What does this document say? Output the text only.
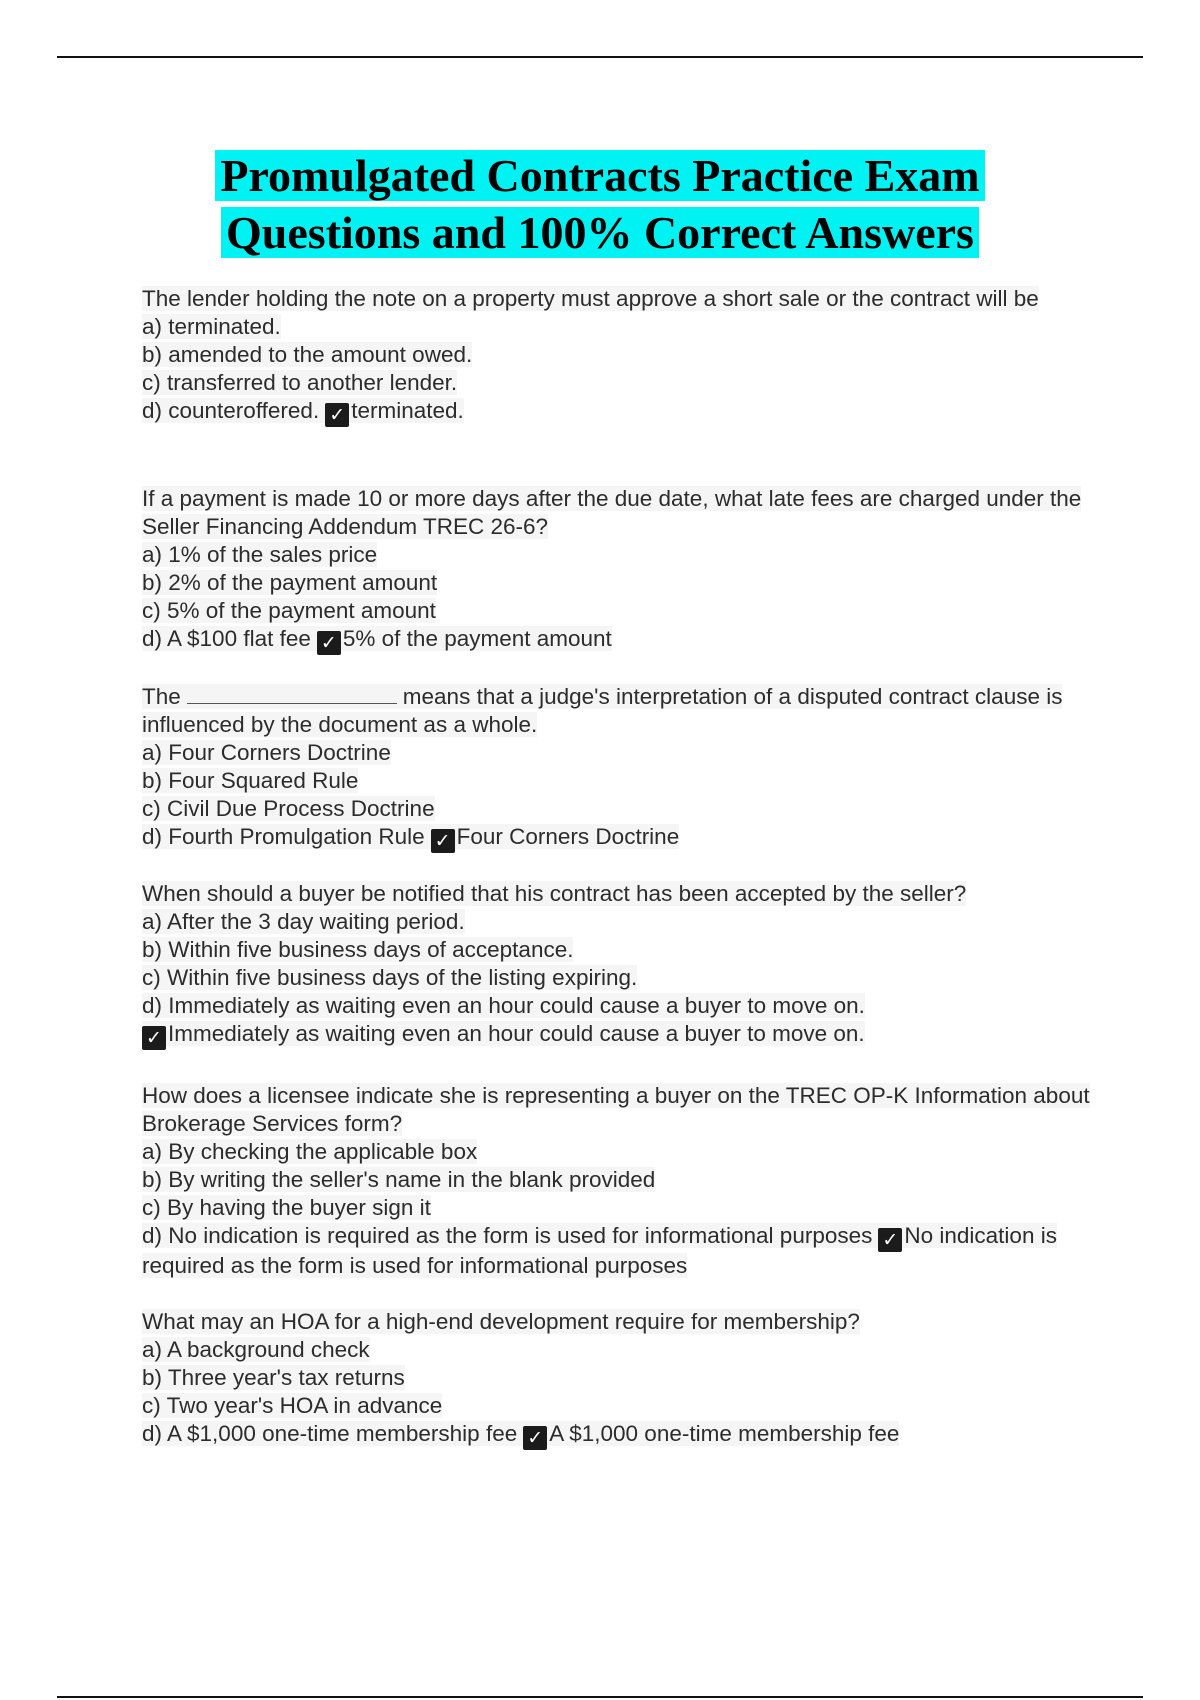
Promulgated Contracts Practice Exam
Questions and 100% Correct Answers

The lender holding the note on a property must approve a short sale or the contract will be

a) terminated.

b) amended to the amount owed.

c) transferred to another lender.

d) counteroffered. ✓ terminated.

If a payment is made 10 or more days after the due date, what late fees are charged under the Seller Financing Addendum TREC 26-6?

a) 1% of the sales price

b) 2% of the payment amount

c) 5% of the payment amount

d) A $100 flat fee ✓ 5% of the payment amount

The	means that a judge's interpretation of a disputed contract clause is influenced by the document as a whole.

a) Four Corners Doctrine

b) Four Squared Rule

c) Civil Due Process Doctrine

d) Fourth Promulgation Rule ✓ Four Corners Doctrine

When should a buyer be notified that his contract has been accepted by the seller?

a) After the 3 day waiting period.

b) Within five business days of acceptance.

c) Within five business days of the listing expiring.

d) Immediately as waiting even an hour could cause a buyer to move on.

✓ Immediately as waiting even an hour could cause a buyer to move on.

How does a licensee indicate she is representing a buyer on the TREC OP-K Information about Brokerage Services form?

a) By checking the applicable box

b) By writing the seller's name in the blank provided

c) By having the buyer sign it

d) No indication is required as the form is used for informational purposes ✓ No indication is required as the form is used for informational purposes

What may an HOA for a high-end development require for membership?

a) A background check

b) Three year's tax returns

c) Two year's HOA in advance

d) A $1,000 one-time membership fee ✓ A $1,000 one-time membership fee
